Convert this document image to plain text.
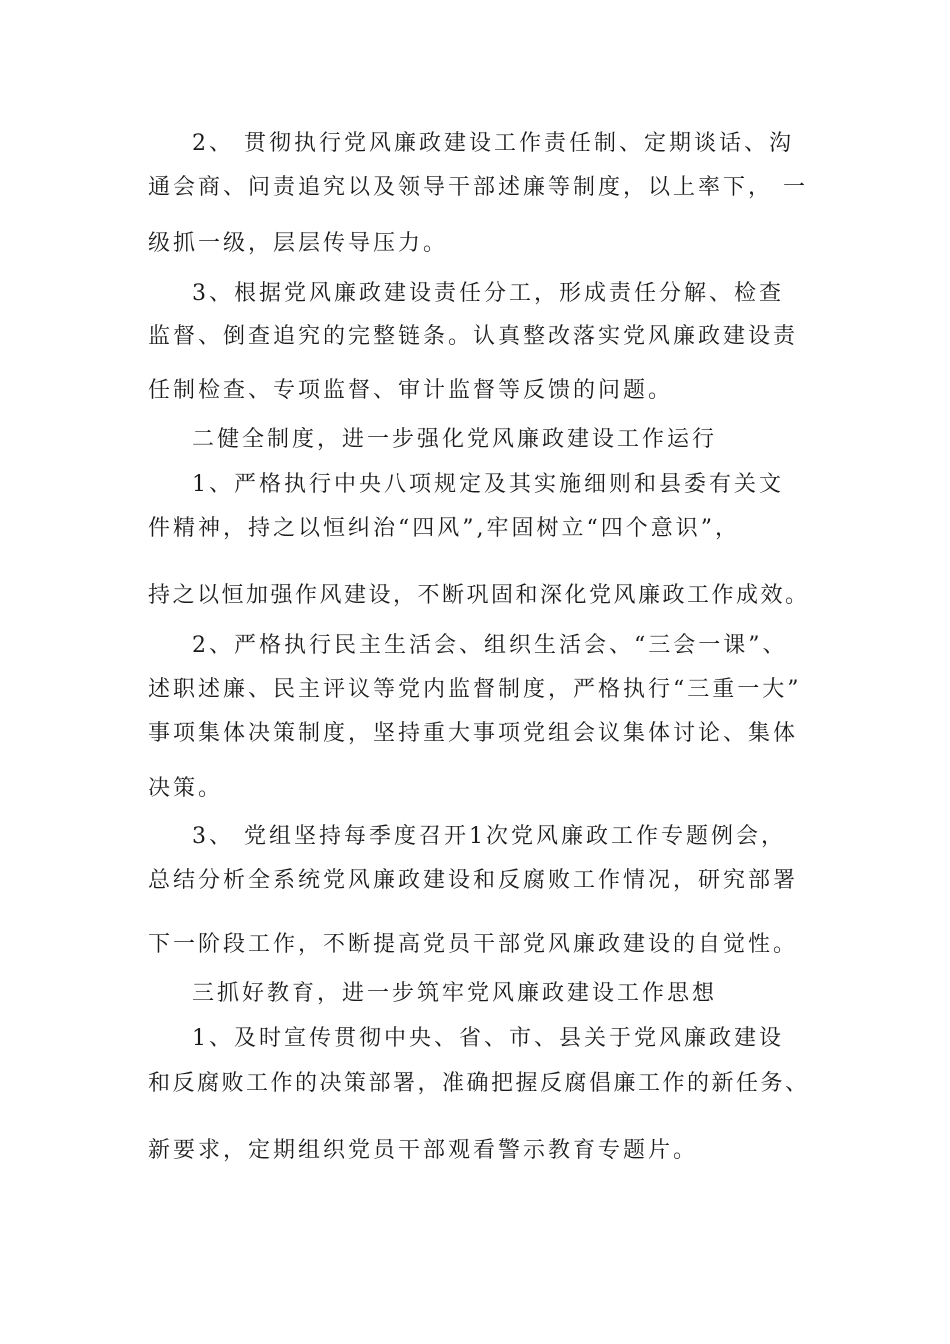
2、 贯彻执行党风廉政建设工作责任制、定期谈话、沟
通会商、问责追究以及领导干部述廉等制度，以上率下， 一
级抓一级，层层传导压力。
3、根据党风廉政建设责任分工，形成责任分解、检查
监督、倒查追究的完整链条。认真整改落实党风廉政建设责
任制检查、专项监督、审计监督等反馈的问题。
二健全制度，进一步强化党风廉政建设工作运行
1、严格执行中央八项规定及其实施细则和县委有关文
件精神，持之以恒纠治“四风”,牢固树立“四个意识”，
持之以恒加强作风建设，不断巩固和深化党风廉政工作成效。
2、严格执行民主生活会、组织生活会、“三会一课”、
述职述廉、民主评议等党内监督制度，严格执行“三重一大”
事项集体决策制度，坚持重大事项党组会议集体讨论、集体
决策。
3、 党组坚持每季度召开1次党风廉政工作专题例会，
总结分析全系统党风廉政建设和反腐败工作情况，研究部署
下一阶段工作，不断提高党员干部党风廉政建设的自觉性。
三抓好教育，进一步筑牢党风廉政建设工作思想
1、及时宣传贯彻中央、省、市、县关于党风廉政建设
和反腐败工作的决策部署，准确把握反腐倡廉工作的新任务、
新要求，定期组织党员干部观看警示教育专题片。
